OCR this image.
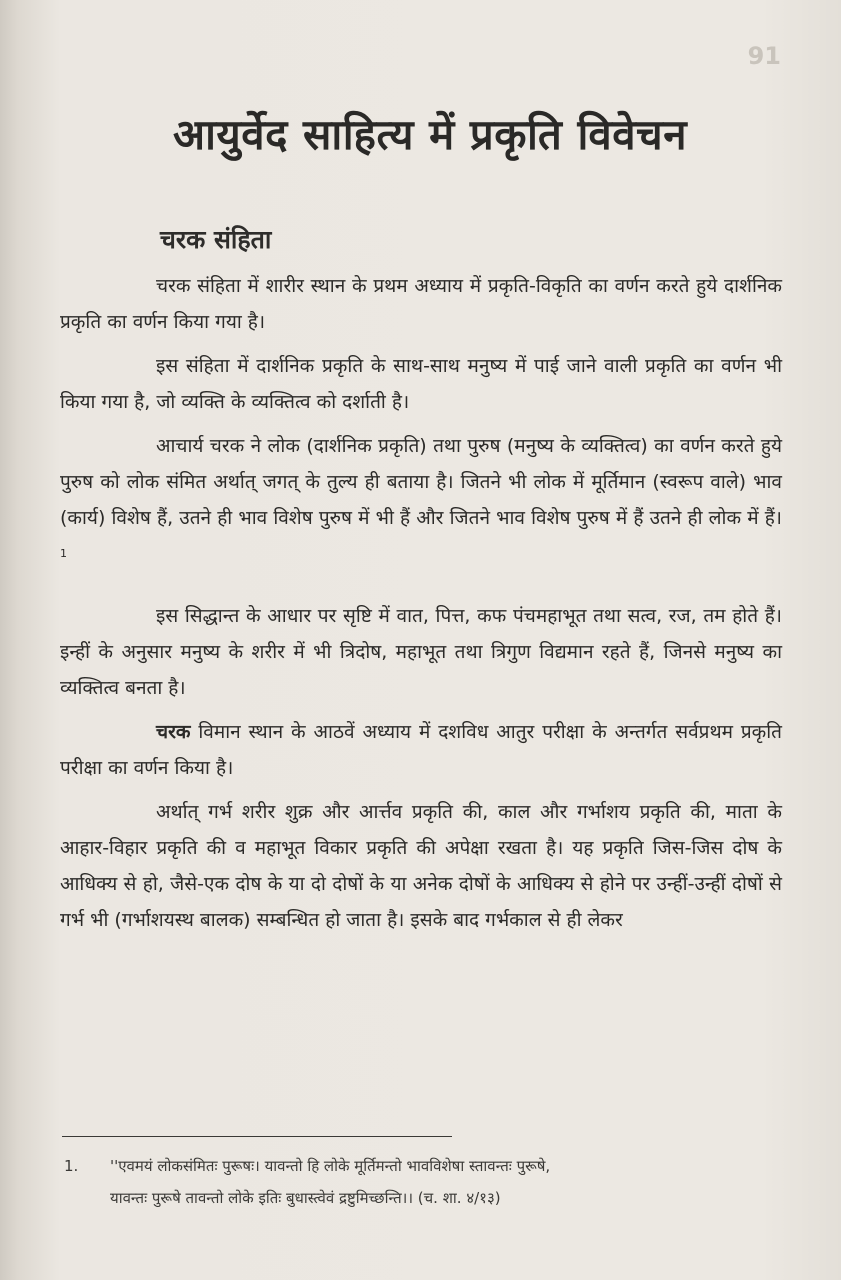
91
आयुर्वेद साहित्य में प्रकृति विवेचन
चरक संहिता

चरक संहिता में शारीर स्थान के प्रथम अध्याय में प्रकृति-विकृति का वर्णन करते हुये दार्शनिक प्रकृति का वर्णन किया गया है।

इस संहिता में दार्शनिक प्रकृति के साथ-साथ मनुष्य में पाई जाने वाली प्रकृति का वर्णन भी किया गया है, जो व्यक्ति के व्यक्तित्व को दर्शाती है।

आचार्य चरक ने लोक (दार्शनिक प्रकृति) तथा पुरुष (मनुष्य के व्यक्तित्व) का वर्णन करते हुये पुरुष को लोक संमित अर्थात् जगत् के तुल्य ही बताया है। जितने भी लोक में मूर्तिमान (स्वरूप वाले) भाव (कार्य) विशेष हैं, उतने ही भाव विशेष पुरुष में भी हैं और जितने भाव विशेष पुरुष में हैं उतने ही लोक में हैं।$^1$

इस सिद्धान्त के आधार पर सृष्टि में वात, पित्त, कफ पंचमहाभूत तथा सत्व, रज, तम होते हैं। इन्हीं के अनुसार मनुष्य के शरीर में भी त्रिदोष, महाभूत तथा त्रिगुण विद्यमान रहते हैं, जिनसे मनुष्य का व्यक्तित्व बनता है।

चरक विमान स्थान के आठवें अध्याय में दशविध आतुर परीक्षा के अन्तर्गत सर्वप्रथम प्रकृति परीक्षा का वर्णन किया है।

अर्थात् गर्भ शरीर शुक्र और आर्त्तव प्रकृति की, काल और गर्भाशय प्रकृति की, माता के आहार-विहार प्रकृति की व महाभूत विकार प्रकृति की अपेक्षा रखता है। यह प्रकृति जिस-जिस दोष के आधिक्य से हो, जैसे-एक दोष के या दो दोषों के या अनेक दोषों के आधिक्य से होने पर उन्हीं-उन्हीं दोषों से गर्भ भी (गर्भाशयस्थ बालक) सम्बन्धित हो जाता है। इसके बाद गर्भकाल से ही लेकर

1. ''एवमयं लोकसंमितः पुरूषः। यावन्तो हि लोके मूर्तिमन्तो भावविशेषा स्तावन्तः पुरूषे,
यावन्तः पुरूषे तावन्तो लोके इतिः बुधास्त्वेवं द्रष्टुमिच्छन्ति।। (च. शा. ४/१३)
